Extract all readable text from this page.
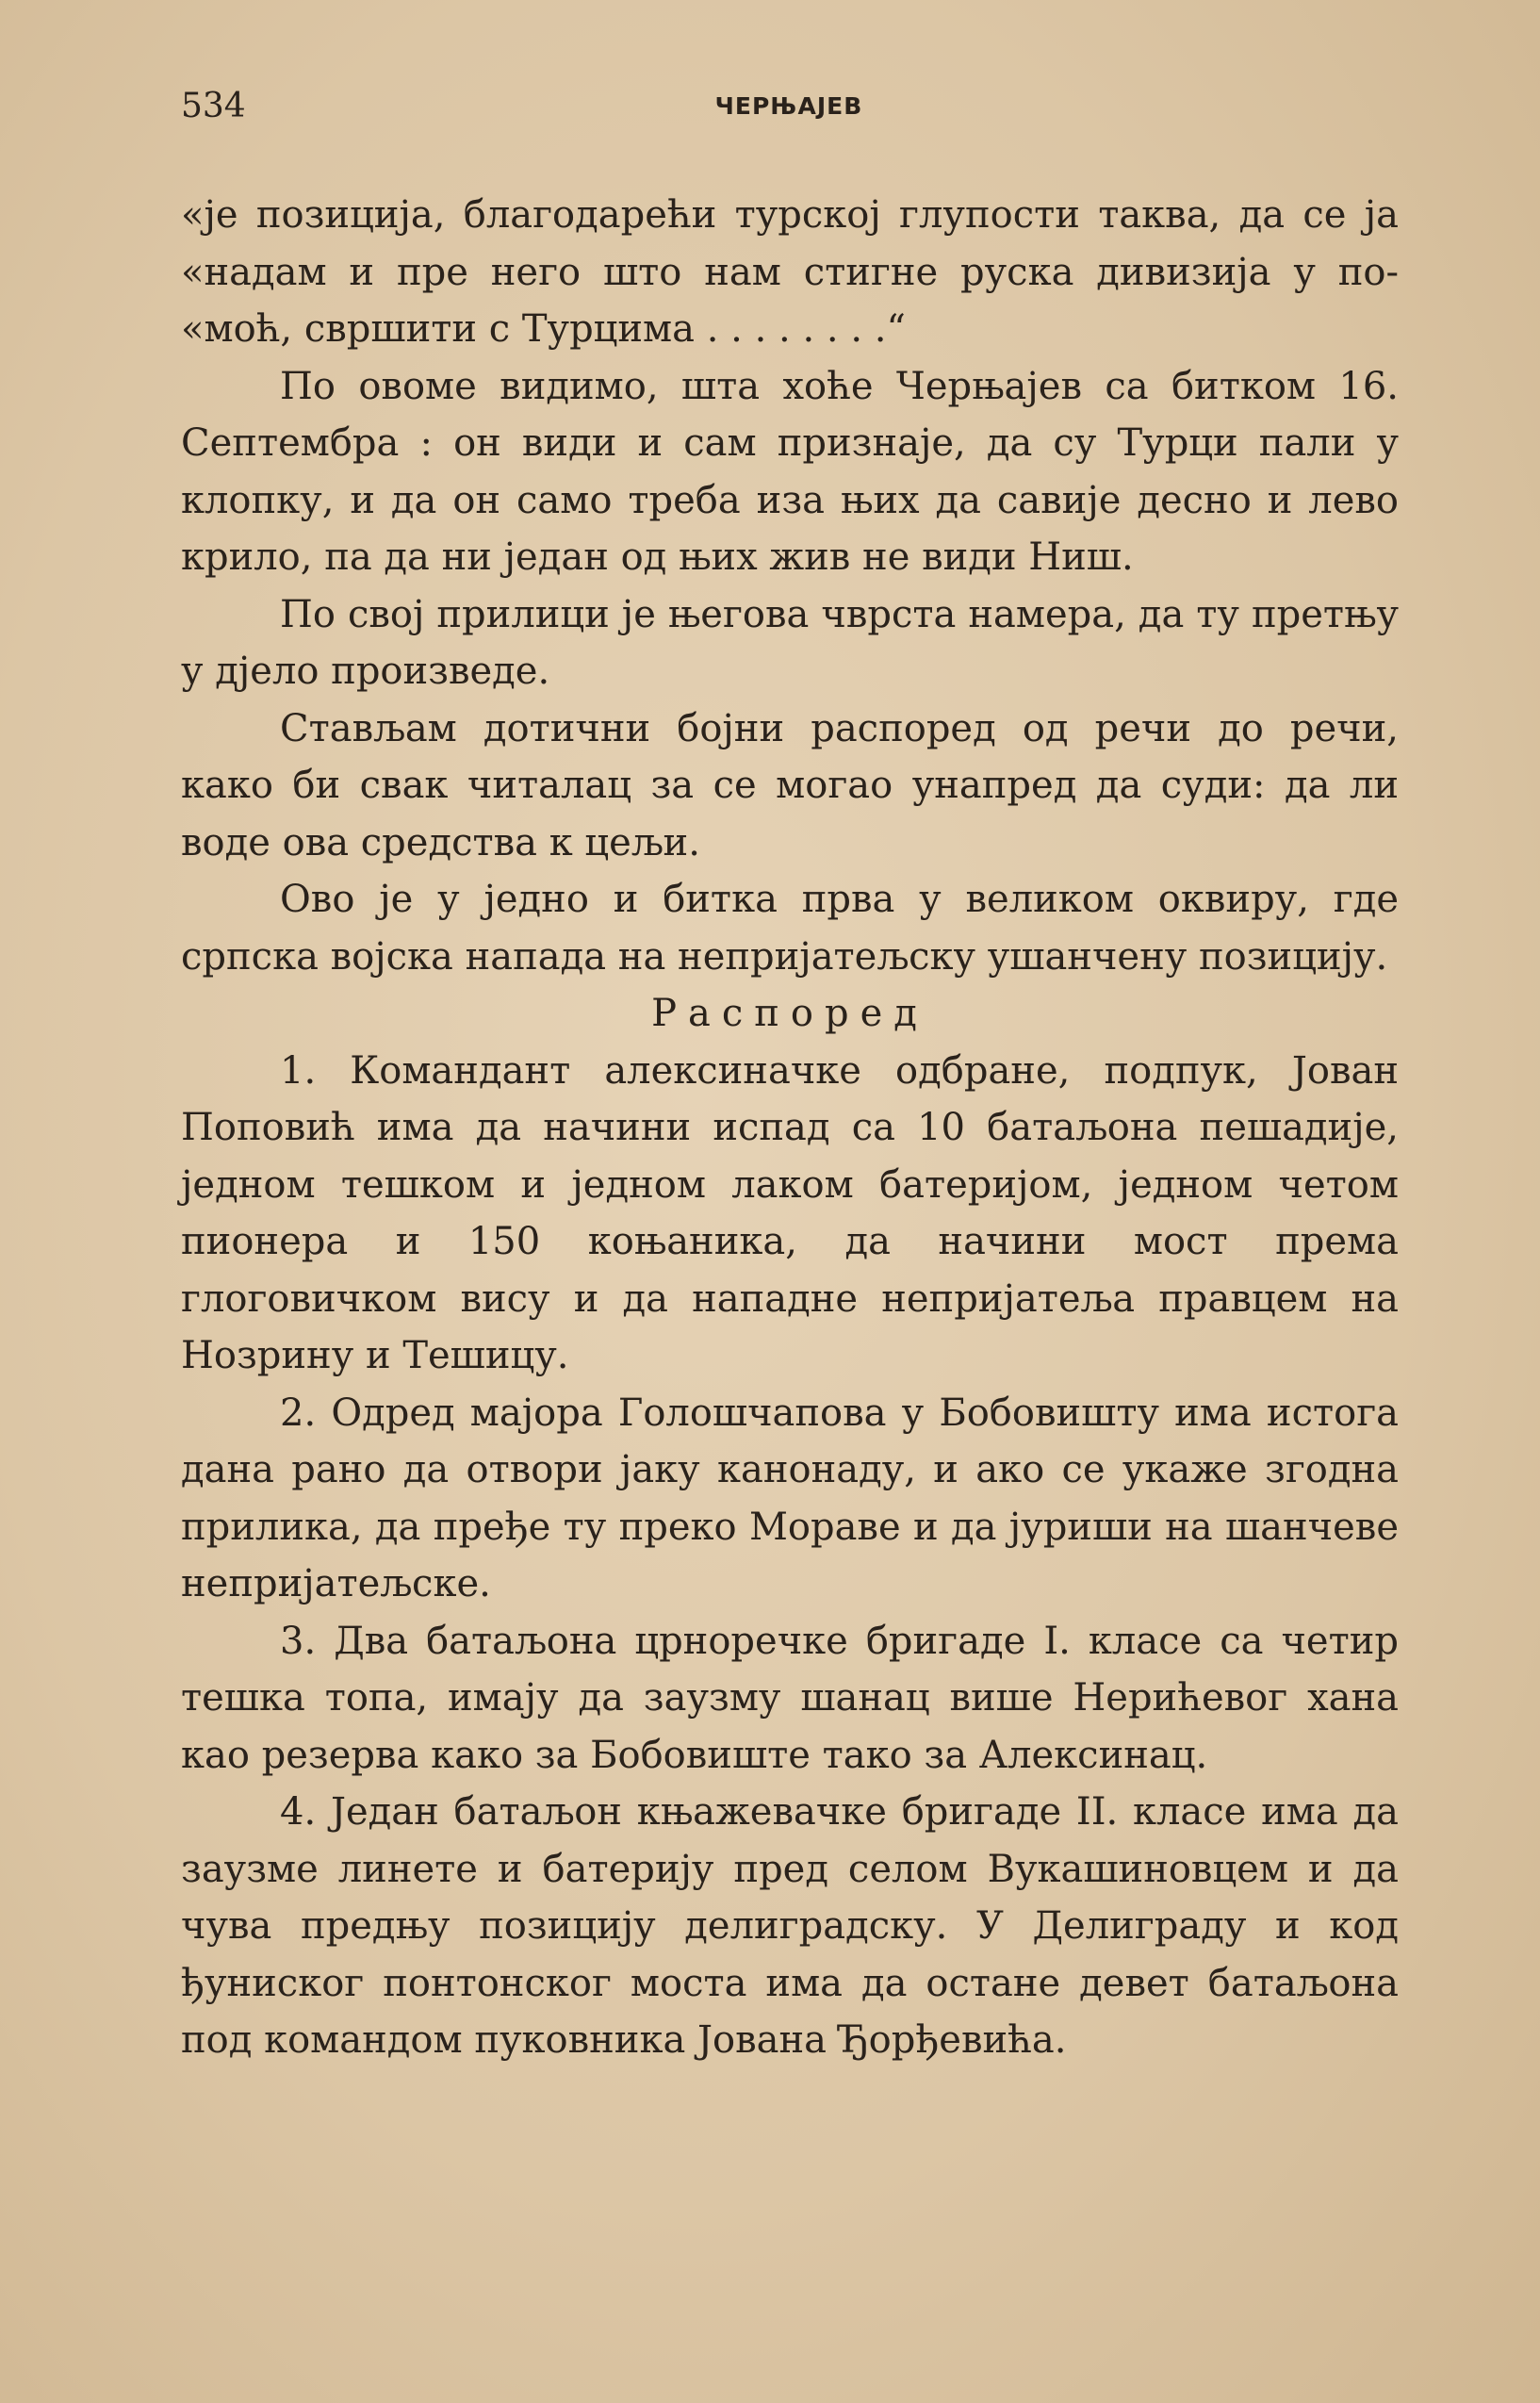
534	ЧЕРЊАЈЕВ

«је позиција, благодарећи турској глупости таква, да се ја «надам и пре него што нам стигне руска дивизија у по- «моћ, свршити с Турцима . . . . . . . .“

По овоме видимо, шта хоће Черњајев са битком 16. Септембра : он види и сам признаје, да су Турци пали у клопку, и да он само треба иза њих да савије десно и лево крило, па да ни један од њих жив не види Ниш.

По свој прилици је његова чврста намера, да ту претњу у дјело произведе.

Стављам дотични бојни распоред од речи до речи, како би свак читалац за се могао унапред да суди: да ли воде ова средства к цељи.

Ово је у једно и битка прва у великом оквиру, где српска војска напада на непријатељску ушанчену позицију.

Распоред

1. Командант алексиначке одбране, подпук, Јован Поповић има да начини испад са 10 батаљона пешадије, једном тешком и једном лаком батеријом, једном четом пионера и 150 коњаника, да начини мост према глоговичком вису и да нападне непријатеља правцем на Нозрину и Тешицу.

2. Одред мајора Голошчапова у Бобовишту има истога дана рано да отвори јаку канонаду, и ако се укаже згодна прилика, да пређе ту преко Мораве и да јуриши на шанчеве непријатељске.

3. Два батаљона црноречке бригаде I. класе са четир тешка топа, имају да заузму шанац више Нерићевог хана као резерва како за Бобовиште тако за Алексинац.

4. Један батаљон књажевачке бригаде II. класе има да заузме линете и батерију пред селом Вукашиновцем и да чува предњу позицију делиградску. У Делиграду и код ђуниског понтонског моста има да остане девет батаљона под командом пуковника Јована Ђорђевића.
